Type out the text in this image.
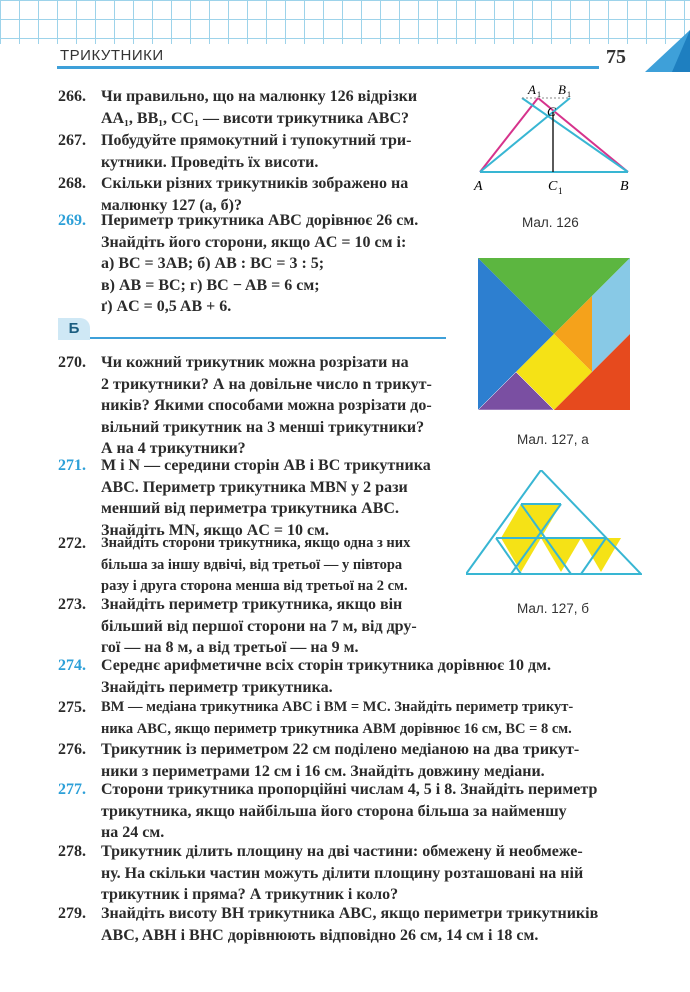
ТРИКУТНИКИ	75
266. Чи правильно, що на малюнку 126 відрізки
AA₁, BB₁, CC₁ — висоти трикутника ABC?
267. Побудуйте прямокутний і тупокутний три-
кутники. Проведіть їх висоти.
268. Скільки різних трикутників зображено на
малюнку 127 (а, б)?
269. Периметр трикутника ABC дорівнює 26 см.
Знайдіть його сторони, якщо AC = 10 см і:
а) BC = 3AB; б) AB : BC = 3 : 5;
в) AB = BC; г) BC − AB = 6 см;
ґ) AC = 0,5 AB + 6.
Б
270. Чи кожний трикутник можна розрізати на
2 трикутники? А на довільне число n трикут-
ників? Якими способами можна розрізати до-
вільний трикутник на 3 менші трикутники?
А на 4 трикутники?
271. M і N — середини сторін AB і BC трикутника
ABC. Периметр трикутника MBN у 2 рази
менший від периметра трикутника ABC.
Знайдіть MN, якщо AC = 10 см.
272. Знайдіть сторони трикутника, якщо одна з них
більша за іншу вдвічі, від третьої — у півтора
разу і друга сторона менша від третьої на 2 см.
273. Знайдіть периметр трикутника, якщо він
більший від першої сторони на 7 м, від дру-
гої — на 8 м, а від третьої — на 9 м.
274. Середнє арифметичне всіх сторін трикутника дорівнює 10 дм.
Знайдіть периметр трикутника.
275. BM — медіана трикутника ABC і BM = MC. Знайдіть периметр трикут-
ника ABC, якщо периметр трикутника ABM дорівнює 16 см, BC = 8 см.
276. Трикутник із периметром 22 см поділено медіаною на два трикут-
ники з периметрами 12 см і 16 см. Знайдіть довжину медіани.
277. Сторони трикутника пропорційні числам 4, 5 і 8. Знайдіть периметр
трикутника, якщо найбільша його сторона більша за найменшу
на 24 см.
278. Трикутник ділить площину на дві частини: обмежену й необмеже-
ну. На скільки частин можуть ділити площину розташовані на ній
трикутник і пряма? А трикутник і коло?
279. Знайдіть висоту BH трикутника ABC, якщо периметри трикутників
ABC, ABH і BHC дорівнюють відповідно 26 см, 14 см і 18 см.
A	C 1	B
A 1 B 1
C
Мал. 126
Мал. 127, а
Мал. 127, б
